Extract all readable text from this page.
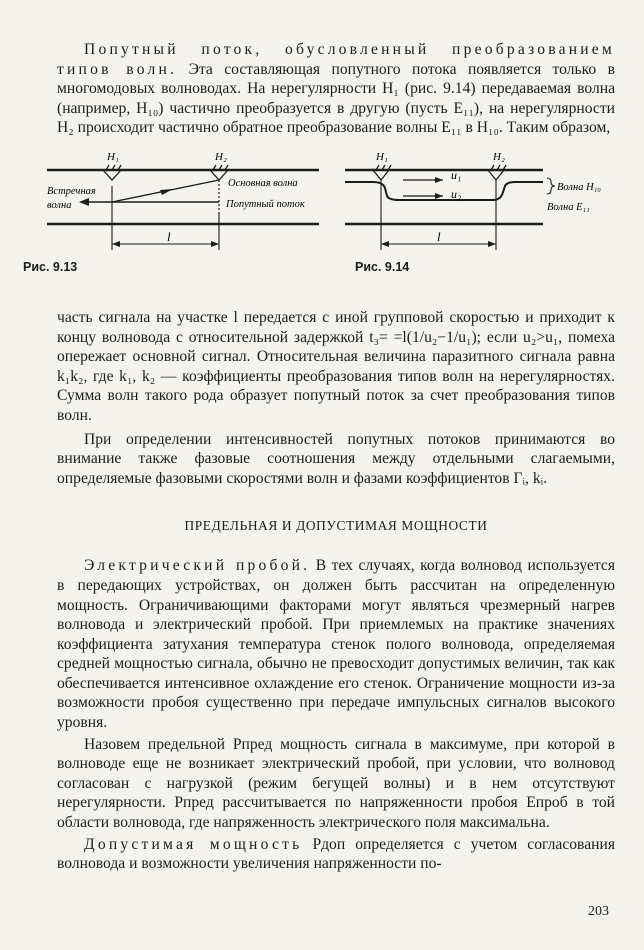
Попутный поток, обусловленный преобразованием типов волн. Эта составляющая попутного потока появляется только в многомодовых волноводах. На нерегулярности H₁ (рис. 9.14) передаваемая волна (например, H₁₀) частично преобразуется в другую (пусть E₁₁), на нерегулярности H₂ происходит частично обратное преобразование волны E₁₁ в H₁₀. Таким образом,

H₁	H₂
Основная волна
Встречная
волна	Попутный поток
l
Рис. 9.13
H₁	H₂
u₁
u₂	Волна H₁₀
Волна E₁₁
l
Рис. 9.14

часть сигнала на участке l передается с иной групповой скоростью и приходит к концу волновода с относительной задержкой t₃= =l(1/u₂−1/u₁); если u₂>u₁, помеха опережает основной сигнал. Относительная величина паразитного сигнала равна k₁k₂, где k₁, k₂ — коэффициенты преобразования типов волн на нерегулярностях. Сумма волн такого рода образует попутный поток за счет преобразования типов волн.

При определении интенсивностей попутных потоков принимаются во внимание также фазовые соотношения между отдельными слагаемыми, определяемые фазовыми скоростями волн и фазами коэффициентов Γᵢ, kᵢ.

ПРЕДЕЛЬНАЯ И ДОПУСТИМАЯ МОЩНОСТИ

Электрический пробой. В тех случаях, когда волновод используется в передающих устройствах, он должен быть рассчитан на определенную мощность. Ограничивающими факторами могут являться чрезмерный нагрев волновода и электрический пробой. При приемлемых на практике значениях коэффициента затухания температура стенок полого волновода, определяемая средней мощностью сигнала, обычно не превосходит допустимых величин, так как обеспечивается интенсивное охлаждение его стенок. Ограничение мощности из-за возможности пробоя существенно при передаче импульсных сигналов высокого уровня.

Назовем предельной Pпред мощность сигнала в максимуме, при которой в волноводе еще не возникает электрический пробой, при условии, что волновод согласован с нагрузкой (режим бегущей волны) и в нем отсутствуют нерегулярности. Pпред рассчитывается по напряженности пробоя Eпроб в той области волновода, где напряженность электрического поля максимальна.

Допустимая мощность Pдоп определяется с учетом согласования волновода и возможности увеличения напряженности по-

203
